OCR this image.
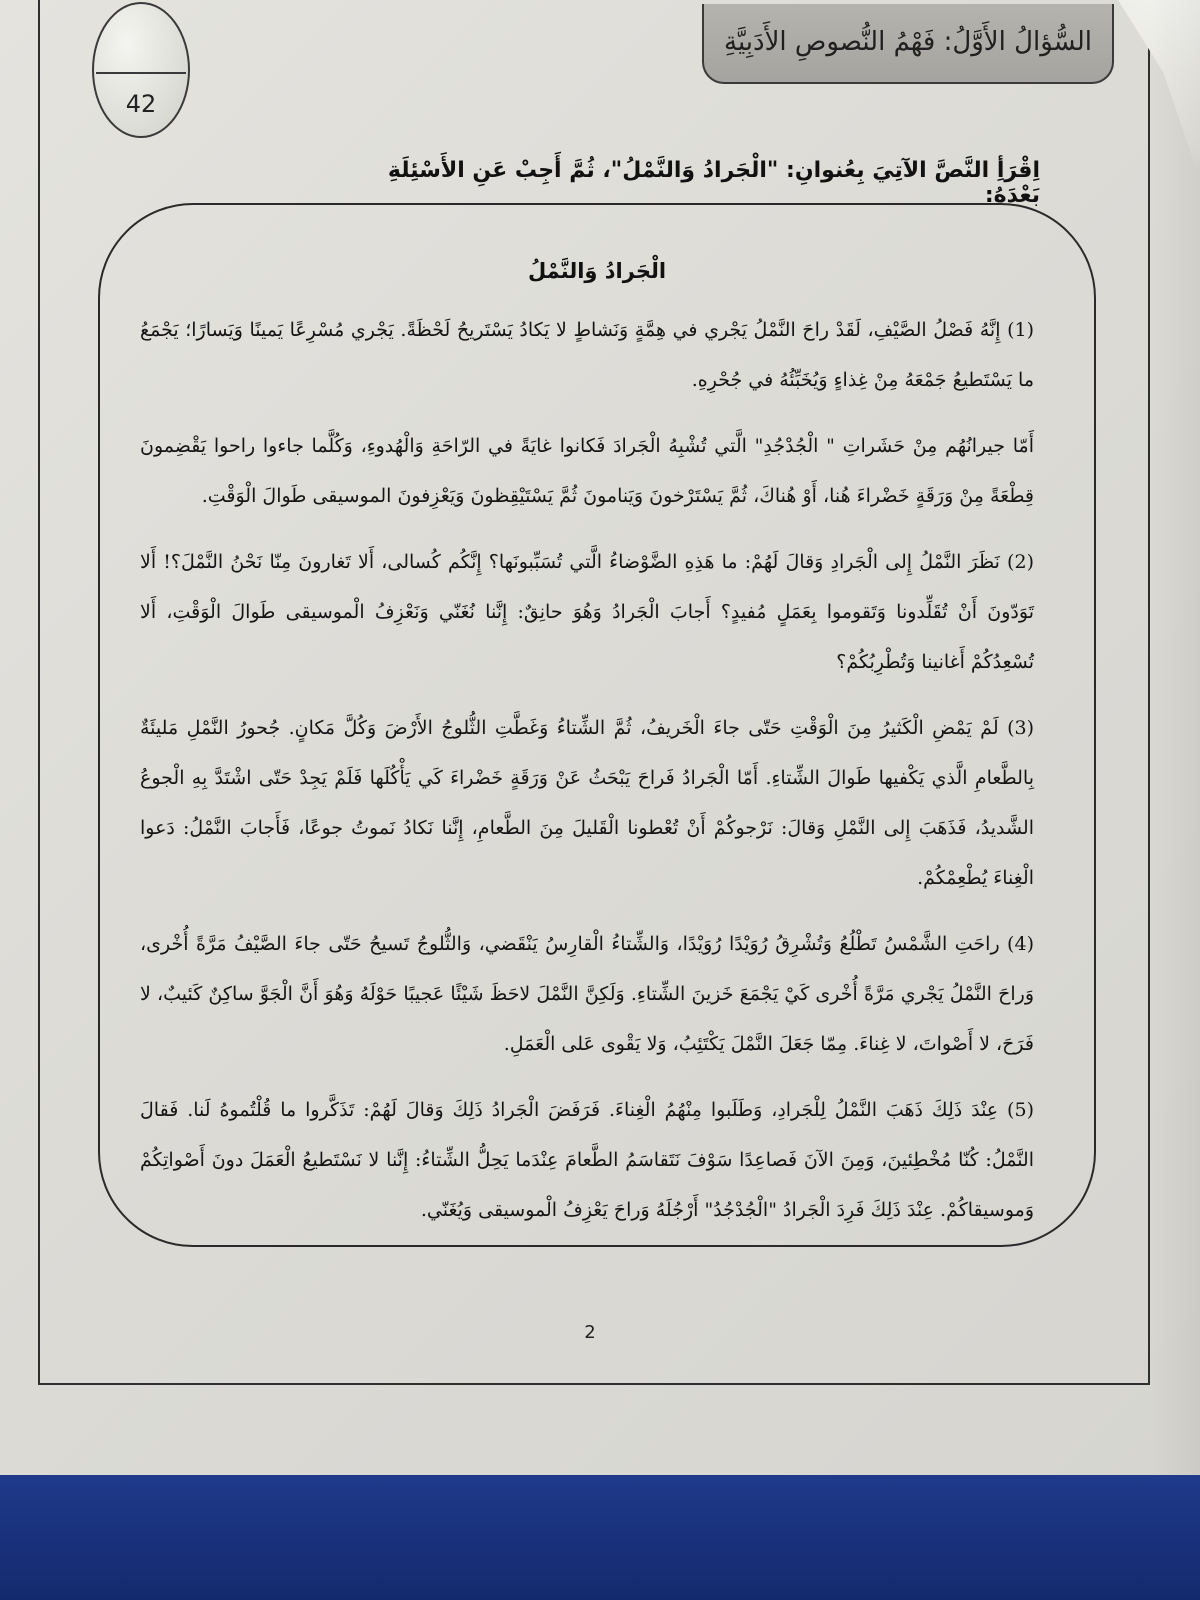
السُّؤالُ الأَوَّلُ: فَهْمُ النُّصوصِ الأَدَبِيَّةِ
42
اِقْرَأِ النَّصَّ الآتِيَ بِعُنوانِ: "الْجَرادُ وَالنَّمْلُ"، ثُمَّ أَجِبْ عَنِ الأَسْئِلَةِ بَعْدَهُ:
الْجَرادُ وَالنَّمْلُ

(1) إِنَّهُ فَصْلُ الصَّيْفِ، لَقَدْ راحَ النَّمْلُ يَجْري في هِمَّةٍ وَنَشاطٍ لا يَكادُ يَسْتَريحُ لَحْظَةً. يَجْري مُسْرِعًا يَمينًا وَيَسارًا؛ يَجْمَعُ ما يَسْتَطيعُ جَمْعَهُ مِنْ غِذاءٍ وَيُخَبِّئُهُ في جُحْرِهِ.

أَمّا جيرانُهُم مِنْ حَشَراتِ " الْجُدْجُدِ" الَّتي تُشْبِهُ الْجَرادَ فَكانوا غايَةً في الرّاحَةِ وَالْهُدوءِ، وَكُلَّما جاءوا راحوا يَقْضِمونَ قِطْعَةً مِنْ وَرَقَةٍ خَضْراءَ هُنا، أَوْ هُناكَ، ثُمَّ يَسْتَرْخونَ وَيَنامونَ ثُمَّ يَسْتَيْقِظونَ وَيَعْزِفونَ الموسيقى طَوالَ الْوَقْتِ.

(2) نَظَرَ النَّمْلُ إِلى الْجَرادِ وَقالَ لَهُمْ: ما هَذِهِ الضَّوْضاءُ الَّتي تُسَبِّبونَها؟ إِنَّكُم كُسالى، أَلا تَغارونَ مِنّا نَحْنُ النَّمْلَ؟! أَلا تَوَدّونَ أَنْ تُقَلِّدونا وَتَقوموا بِعَمَلٍ مُفيدٍ؟ أَجابَ الْجَرادُ وَهُوَ حانِقٌ: إِنَّنا نُغَنّي وَنَعْزِفُ الْموسيقى طَوالَ الْوَقْتِ، أَلا تُسْعِدُكُمْ أَغانينا وَتُطْرِبُكُمْ؟

(3) لَمْ يَمْضِ الْكَثيرُ مِنَ الْوَقْتِ حَتّى جاءَ الْخَريفُ، ثُمَّ الشِّتاءُ وَغَطَّتِ الثُّلوجُ الأَرْضَ وَكُلَّ مَكانٍ. جُحورُ النَّمْلِ مَليئَةٌ بِالطَّعامِ الَّذي يَكْفيها طَوالَ الشِّتاءِ. أَمّا الْجَرادُ فَراحَ يَبْحَثُ عَنْ وَرَقَةٍ خَضْراءَ كَي يَأْكُلَها فَلَمْ يَجِدْ حَتّى اشْتَدَّ بِهِ الْجوعُ الشَّديدُ، فَذَهَبَ إِلى النَّمْلِ وَقالَ: نَرْجوكُمْ أَنْ تُعْطونا الْقَليلَ مِنَ الطَّعامِ، إِنَّنا نَكادُ نَموتُ جوعًا، فَأَجابَ النَّمْلُ: دَعوا الْغِناءَ يُطْعِمْكُمْ.

(4) راحَتِ الشَّمْسُ تَطْلُعُ وَتُشْرِقُ رُوَيْدًا رُوَيْدًا، وَالشِّتاءُ الْقارِسُ يَنْقَضي، وَالثُّلوجُ تَسيحُ حَتّى جاءَ الصَّيْفُ مَرَّةً أُخْرى، وَراحَ النَّمْلُ يَجْري مَرَّةً أُخْرى كَيْ يَجْمَعَ خَزينَ الشِّتاءِ. وَلَكِنَّ النَّمْلَ لاحَظَ شَيْئًا عَجيبًا حَوْلَهُ وَهُوَ أَنَّ الْجَوَّ ساكِنٌ كَئيبٌ، لا فَرَحَ، لا أَصْواتَ، لا غِناءَ. مِمّا جَعَلَ النَّمْلَ يَكْتَئِبُ، وَلا يَقْوى عَلى الْعَمَلِ.

(5) عِنْدَ ذَلِكَ ذَهَبَ النَّمْلُ لِلْجَرادِ، وَطَلَبوا مِنْهُمُ الْغِناءَ. فَرَفَضَ الْجَرادُ ذَلِكَ وَقالَ لَهُمْ: تَذَكَّروا ما قُلْتُموهُ لَنا. فَقالَ النَّمْلُ: كُنّا مُخْطِئينَ، وَمِنَ الآنَ فَصاعِدًا سَوْفَ نَتَقاسَمُ الطَّعامَ عِنْدَما يَحِلُّ الشِّتاءُ: إِنَّنا لا نَسْتَطيعُ الْعَمَلَ دونَ أَصْواتِكُمْ وَموسيقاكُمْ. عِنْدَ ذَلِكَ فَرِدَ الْجَرادُ "الْجُدْجُدُ" أَرْجُلَهُ وَراحَ يَعْزِفُ الْموسيقى وَيُغَنّي.

2
